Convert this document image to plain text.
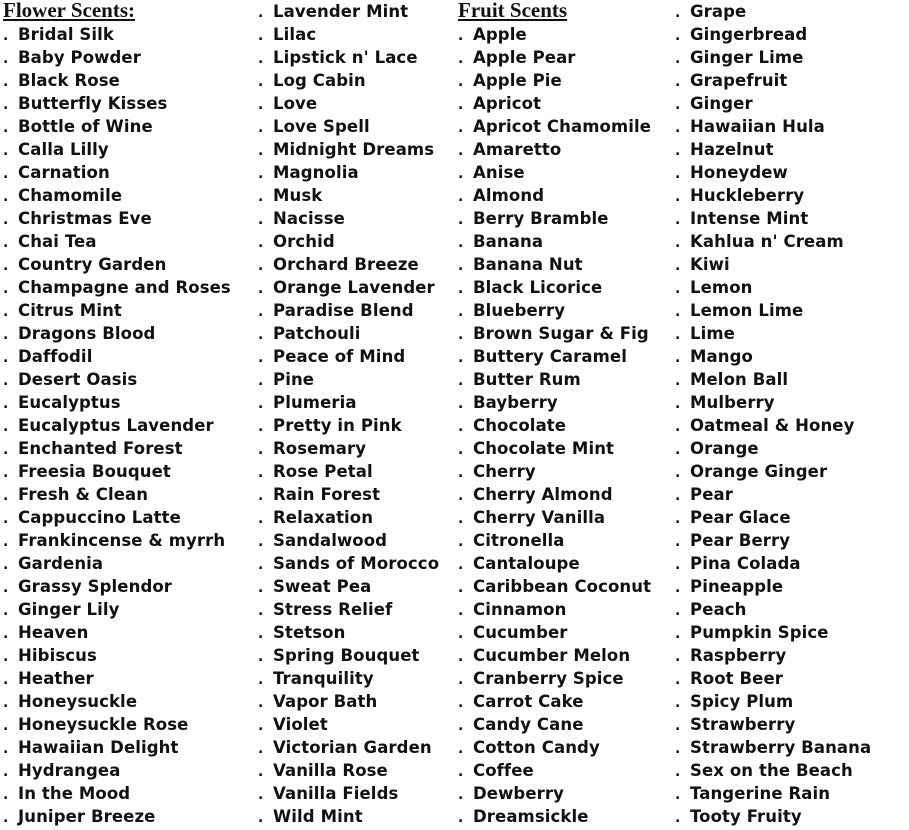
Flower Scents:
. Bridal Silk
. Baby Powder
. Black Rose
. Butterfly Kisses
. Bottle of Wine
. Calla Lilly
. Carnation
. Chamomile
. Christmas Eve
. Chai Tea
. Country Garden
. Champagne and Roses
. Citrus Mint
. Dragons Blood
. Daffodil
. Desert Oasis
. Eucalyptus
. Eucalyptus Lavender
. Enchanted Forest
. Freesia Bouquet
. Fresh & Clean
. Cappuccino Latte
. Frankincense & myrrh
. Gardenia
. Grassy Splendor
. Ginger Lily
. Heaven
. Hibiscus
. Heather
. Honeysuckle
. Honeysuckle Rose
. Hawaiian Delight
. Hydrangea
. In the Mood
. Juniper Breeze
. Lavender Mint
. Lilac
. Lipstick n' Lace
. Log Cabin
. Love
. Love Spell
. Midnight Dreams
. Magnolia
. Musk
. Nacisse
. Orchid
. Orchard Breeze
. Orange Lavender
. Paradise Blend
. Patchouli
. Peace of Mind
. Pine
. Plumeria
. Pretty in Pink
. Rosemary
. Rose Petal
. Rain Forest
. Relaxation
. Sandalwood
. Sands of Morocco
. Sweat Pea
. Stress Relief
. Stetson
. Spring Bouquet
. Tranquility
. Vapor Bath
. Violet
. Victorian Garden
. Vanilla Rose
. Vanilla Fields
. Wild Mint
Fruit Scents
. Apple
. Apple Pear
. Apple Pie
. Apricot
. Apricot Chamomile
. Amaretto
. Anise
. Almond
. Berry Bramble
. Banana
. Banana Nut
. Black Licorice
. Blueberry
. Brown Sugar & Fig
. Buttery Caramel
. Butter Rum
. Bayberry
. Chocolate
. Chocolate Mint
. Cherry
. Cherry Almond
. Cherry Vanilla
. Citronella
. Cantaloupe
. Caribbean Coconut
. Cinnamon
. Cucumber
. Cucumber Melon
. Cranberry Spice
. Carrot Cake
. Candy Cane
. Cotton Candy
. Coffee
. Dewberry
. Dreamsickle
. Grape
. Gingerbread
. Ginger Lime
. Grapefruit
. Ginger
. Hawaiian Hula
. Hazelnut
. Honeydew
. Huckleberry
. Intense Mint
. Kahlua n' Cream
. Kiwi
. Lemon
. Lemon Lime
. Lime
. Mango
. Melon Ball
. Mulberry
. Oatmeal & Honey
. Orange
. Orange Ginger
. Pear
. Pear Glace
. Pear Berry
. Pina Colada
. Pineapple
. Peach
. Pumpkin Spice
. Raspberry
. Root Beer
. Spicy Plum
. Strawberry
. Strawberry Banana
. Sex on the Beach
. Tangerine Rain
. Tooty Fruity
